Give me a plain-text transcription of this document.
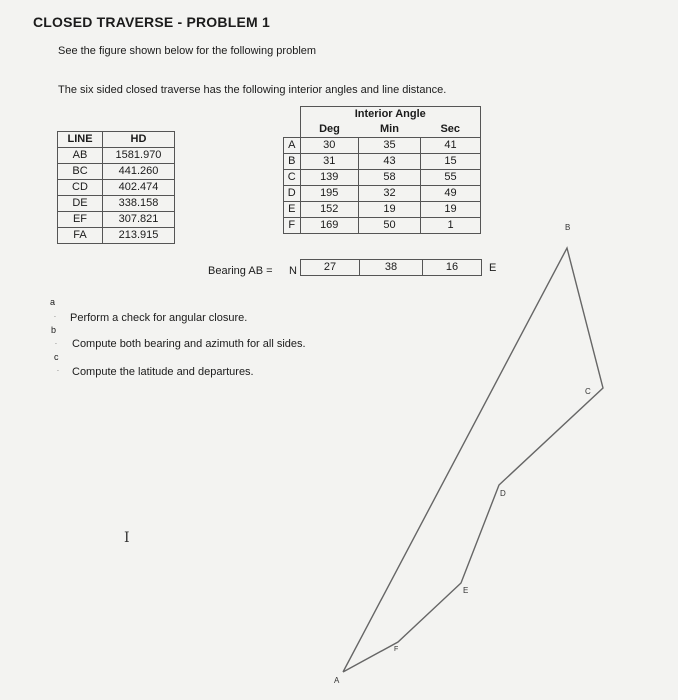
CLOSED TRAVERSE - PROBLEM 1
See the figure shown below for the following problem
The six sided closed traverse has the following interior angles and line distance.
LINE	HD
AB	1581.970
BC	441.260
CD	402.474
DE	338.158
EF	307.821
FA	213.915
	Interior Angle		
	Deg	Min	Sec
A	30	35	41
B	31	43	15
C	139	58	55
D	195	32	49
E	152	19	19
F	169	50	1
Bearing AB = N 27	38	16	E
a
. Perform a check for angular closure.
b
. Compute both bearing and azimuth for all sides.
c
. Compute the latitude and departures.
I
A
B
C
D
E
F
